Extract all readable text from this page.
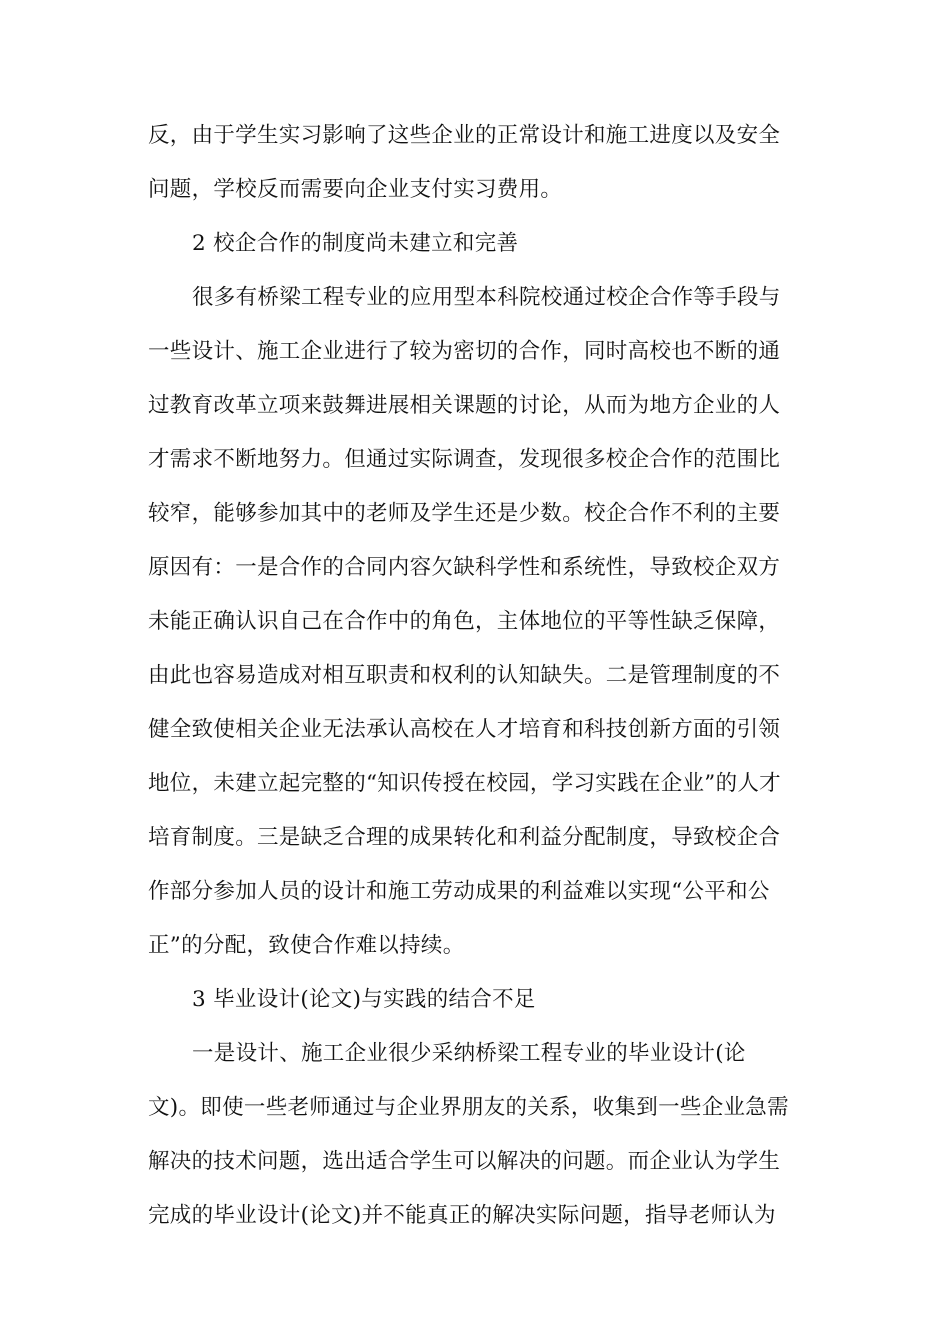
反，由于学生实习影响了这些企业的正常设计和施工进度以及安全
问题，学校反而需要向企业支付实习费用。
2 校企合作的制度尚未建立和完善
很多有桥梁工程专业的应用型本科院校通过校企合作等手段与
一些设计、施工企业进行了较为密切的合作，同时高校也不断的通
过教育改革立项来鼓舞进展相关课题的讨论，从而为地方企业的人
才需求不断地努力。但通过实际调查，发现很多校企合作的范围比
较窄，能够参加其中的老师及学生还是少数。校企合作不利的主要
原因有：一是合作的合同内容欠缺科学性和系统性，导致校企双方
未能正确认识自己在合作中的角色，主体地位的平等性缺乏保障，
由此也容易造成对相互职责和权利的认知缺失。二是管理制度的不
健全致使相关企业无法承认高校在人才培育和科技创新方面的引领
地位，未建立起完整的“知识传授在校园，学习实践在企业”的人才
培育制度。三是缺乏合理的成果转化和利益分配制度，导致校企合
作部分参加人员的设计和施工劳动成果的利益难以实现“公平和公
正”的分配，致使合作难以持续。
3 毕业设计(论文)与实践的结合不足
一是设计、施工企业很少采纳桥梁工程专业的毕业设计(论
文)。即使一些老师通过与企业界朋友的关系，收集到一些企业急需
解决的技术问题，选出适合学生可以解决的问题。而企业认为学生
完成的毕业设计(论文)并不能真正的解决实际问题，指导老师认为
